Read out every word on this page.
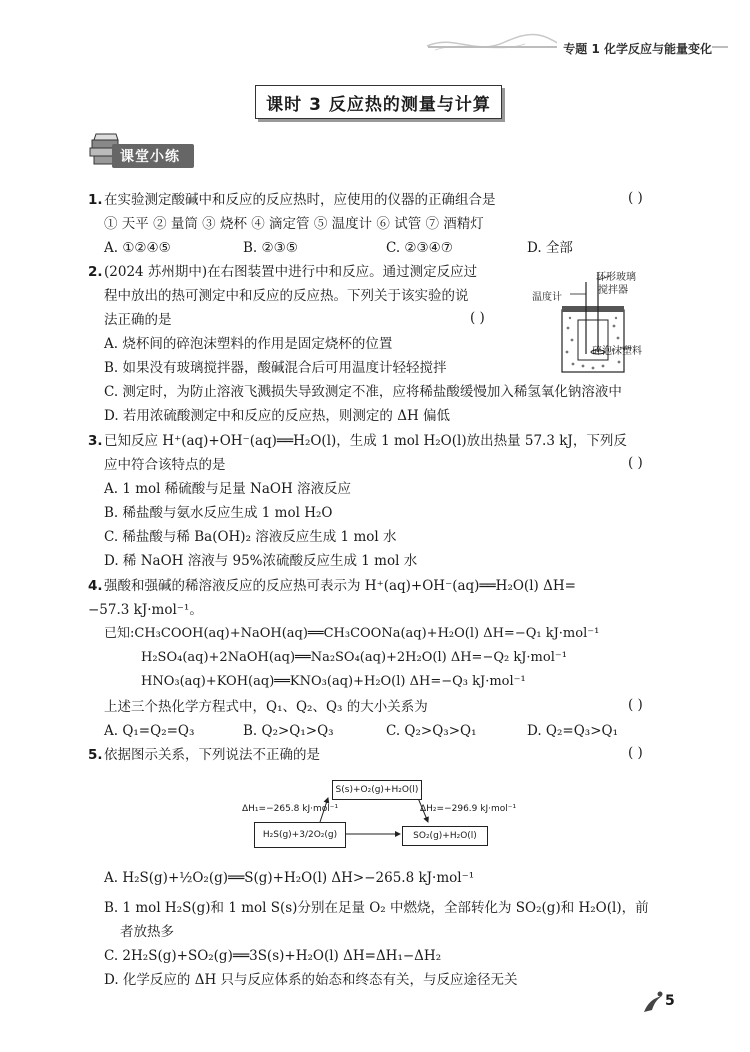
专题 1 化学反应与能量变化
课时 3 反应热的测量与计算
课堂小练
1. 在实验测定酸碱中和反应的反应热时，应使用的仪器的正确组合是	( )
① 天平 ② 量筒 ③ 烧杯 ④ 滴定管 ⑤ 温度计 ⑥ 试管 ⑦ 酒精灯
A. ①②④⑤	B. ②③⑤	C. ②③④⑦	D. 全部
2. (2024 苏州期中)在右图装置中进行中和反应。通过测定反应过
程中放出的热可测定中和反应的反应热。下列关于该实验的说
法正确的是	( )
环形玻璃
搅拌器
温度计
碎泡沫塑料
A. 烧杯间的碎泡沫塑料的作用是固定烧杯的位置
B. 如果没有玻璃搅拌器，酸碱混合后可用温度计轻轻搅拌
C. 测定时，为防止溶液飞溅损失导致测定不准，应将稀盐酸缓慢加入稀氢氧化钠溶液中
D. 若用浓硫酸测定中和反应的反应热，则测定的 ΔH 偏低
3. 已知反应 H⁺(aq)+OH⁻(aq)══H₂O(l)，生成 1 mol H₂O(l)放出热量 57.3 kJ，下列反
应中符合该特点的是	( )
A. 1 mol 稀硫酸与足量 NaOH 溶液反应
B. 稀盐酸与氨水反应生成 1 mol H₂O
C. 稀盐酸与稀 Ba(OH)₂ 溶液反应生成 1 mol 水
D. 稀 NaOH 溶液与 95%浓硫酸反应生成 1 mol 水
4. 强酸和强碱的稀溶液反应的反应热可表示为 H⁺(aq)+OH⁻(aq)══H₂O(l) ΔH=
−57.3 kJ·mol⁻¹。
已知:CH₃COOH(aq)+NaOH(aq)══CH₃COONa(aq)+H₂O(l) ΔH=−Q₁ kJ·mol⁻¹
H₂SO₄(aq)+2NaOH(aq)══Na₂SO₄(aq)+2H₂O(l) ΔH=−Q₂ kJ·mol⁻¹
HNO₃(aq)+KOH(aq)══KNO₃(aq)+H₂O(l) ΔH=−Q₃ kJ·mol⁻¹
上述三个热化学方程式中，Q₁、Q₂、Q₃ 的大小关系为	( )
A. Q₁=Q₂=Q₃	B. Q₂>Q₁>Q₃	C. Q₂>Q₃>Q₁	D. Q₂=Q₃>Q₁
5. 依据图示关系，下列说法不正确的是	( )
S(s)+O₂(g)+H₂O(l)
H₂S(g)+3/2O₂(g)	SO₂(g)+H₂O(l)
ΔH₁=−265.8 kJ·mol⁻¹	ΔH₂=−296.9 kJ·mol⁻¹
A. H₂S(g)+½O₂(g)══S(g)+H₂O(l) ΔH>−265.8 kJ·mol⁻¹
B. 1 mol H₂S(g)和 1 mol S(s)分别在足量 O₂ 中燃烧，全部转化为 SO₂(g)和 H₂O(l)，前
者放热多
C. 2H₂S(g)+SO₂(g)══3S(s)+H₂O(l) ΔH=ΔH₁−ΔH₂
D. 化学反应的 ΔH 只与反应体系的始态和终态有关，与反应途径无关
5
